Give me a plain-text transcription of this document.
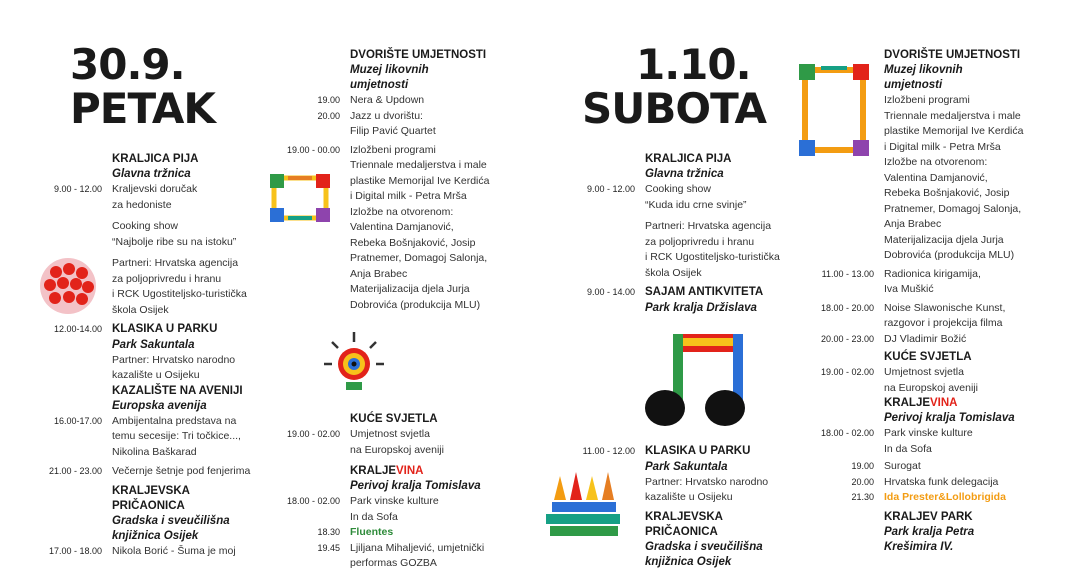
30.9.
PETAK
KRALJICA PIJA
Glavna tržnica
9.00 - 12.00 Kraljevski doručak
za hedoniste
Cooking show
“Najbolje ribe su na istoku”
Partneri: Hrvatska agencija
za poljoprivredu i hranu
i RCK Ugostiteljsko-turistička
škola Osijek
12.00-14.00 KLASIKA U PARKU
Park Sakuntala
Partner: Hrvatsko narodno
kazalište u Osijeku
KAZALIŠTE NA AVENIJI
Europska avenija
16.00-17.00 Ambijentalna predstava na
temu secesije: Tri točkice...,
Nikolina Baškarad
21.00 - 23.00 Večernje šetnje pod fenjerima
KRALJEVSKA
PRIČAONICA
Gradska i sveučilišna
knjižnica Osijek
17.00 - 18.00 Nikola Borić - Šuma je moj
DVORIŠTE UMJETNOSTI
Muzej likovnih
umjetnosti
19.00 Nera & Updown
20.00 Jazz u dvorištu:
Filip Pavić Quartet
19.00 - 00.00 Izložbeni programi
Triennale medaljerstva i male
plastike Memorijal Ive Kerdića
i Digital milk - Petra Mrša
Izložbe na otvorenom:
Valentina Damjanović,
Rebeka Bošnjaković, Josip
Pratnemer, Domagoj Salonja,
Anja Brabec
Materijalizacija djela Jurja
Dobrovića (produkcija MLU)
KUĆE SVJETLA
19.00 - 02.00 Umjetnost svjetla
na Europskoj aveniji
KRALJEVINA
Perivoj kralja Tomislava
18.00 - 02.00 Park vinske kulture
In da Sofa
18.30 Fluentes
19.45 Ljiljana Mihaljević, umjetnički
performas GOZBA
1.10.
SUBOTA
KRALJICA PIJA
Glavna tržnica
9.00 - 12.00 Cooking show
“Kuda idu crne svinje”
Partneri: Hrvatska agencija
za poljoprivredu i hranu
i RCK Ugostiteljsko-turistička
škola Osijek
9.00 - 14.00 SAJAM ANTIKVITETA
Park kralja Držislava
11.00 - 12.00 KLASIKA U PARKU
Park Sakuntala
Partner: Hrvatsko narodno
kazalište u Osijeku
KRALJEVSKA
PRIČAONICA
Gradska i sveučilišna
knjižnica Osijek
DVORIŠTE UMJETNOSTI
Muzej likovnih
umjetnosti
Izložbeni programi
Triennale medaljerstva i male
plastike Memorijal Ive Kerdića
i Digital milk - Petra Mrša
Izložbe na otvorenom:
Valentina Damjanović,
Rebeka Bošnjaković, Josip
Pratnemer, Domagoj Salonja,
Anja Brabec
Materijalizacija djela Jurja
Dobrovića (produkcija MLU)
11.00 - 13.00 Radionica kirigamija,
Iva Muškić
18.00 - 20.00 Noise Slawonische Kunst,
razgovor i projekcija filma
20.00 - 23.00 DJ Vladimir Božić
KUĆE SVJETLA
19.00 - 02.00 Umjetnost svjetla
na Europskoj aveniji
KRALJEVINA
Perivoj kralja Tomislava
18.00 - 02.00 Park vinske kulture
In da Sofa
19.00 Surogat
20.00 Hrvatska funk delegacija
21.30 Ida Prester&Lollobrigida
KRALJEV PARK
Park kralja Petra
Krešimira IV.
